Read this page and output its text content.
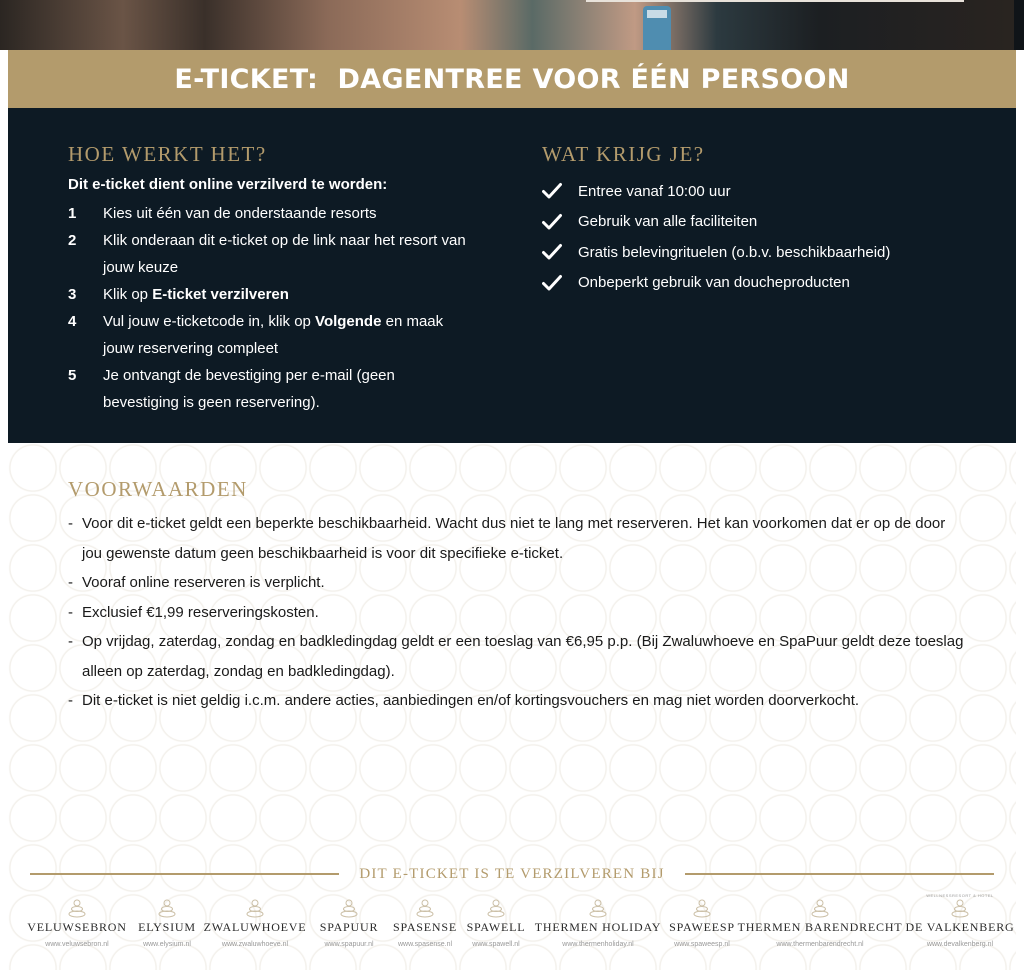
E-TICKET:  DAGENTREE VOOR ÉÉN PERSOON
HOE WERKT HET?
Dit e-ticket dient online verzilverd te worden:
1	Kies uit één van de onderstaande resorts
2	Klik onderaan dit e-ticket op de link naar het resort van jouw keuze
3	Klik op E-ticket verzilveren
4	Vul jouw e-ticketcode in, klik op Volgende en maak jouw reservering compleet
5	Je ontvangt de bevestiging per e-mail (geen bevestiging is geen reservering).
WAT KRIJG JE?
Entree vanaf 10:00 uur
Gebruik van alle faciliteiten
Gratis belevingrituelen (o.b.v. beschikbaarheid)
Onbeperkt gebruik van doucheproducten
VOORWAARDEN
- Voor dit e-ticket geldt een beperkte beschikbaarheid. Wacht dus niet te lang met reserveren. Het kan voorkomen dat er op de door jou gewenste datum geen beschikbaarheid is voor dit specifieke e-ticket.
- Vooraf online reserveren is verplicht.
- Exclusief €1,99 reserveringskosten.
- Op vrijdag, zaterdag, zondag en badkledingdag geldt er een toeslag van €6,95 p.p. (Bij Zwaluwhoeve en SpaPuur geldt deze toeslag alleen op zaterdag, zondag en badkledingdag).
- Dit e-ticket is niet geldig i.c.m. andere acties, aanbiedingen en/of kortingsvouchers en mag niet worden doorverkocht.
DIT E-TICKET IS TE VERZILVEREN BIJ
VELUWSEBRON
www.veluwsebron.nl
ELYSIUM
www.elysium.nl
ZWALUWHOEVE
www.zwaluwhoeve.nl
SPAPUUR
www.spapuur.nl
SPASENSE
www.spasense.nl
SPAWELL
www.spawell.nl
THERMEN HOLIDAY
www.thermenholiday.nl
SPAWEESP
www.spaweesp.nl
THERMEN BARENDRECHT
www.thermenbarendrecht.nl
WELLNESSRESORT & HOTEL
DE VALKENBERG
www.devalkenberg.nl
